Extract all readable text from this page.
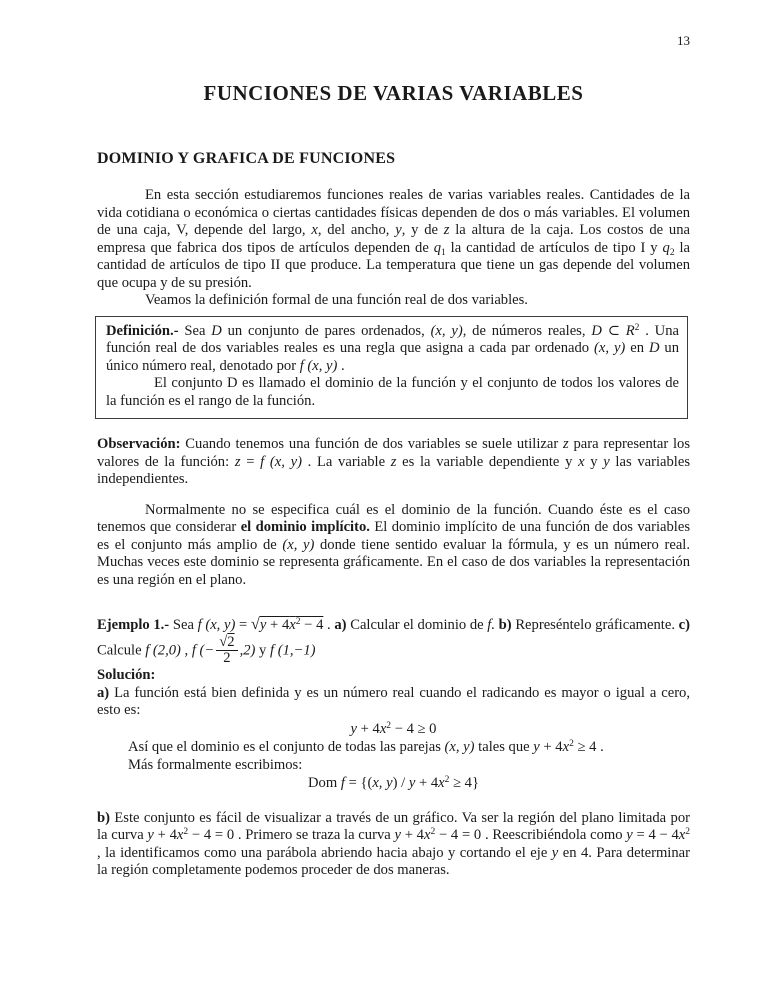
13
FUNCIONES DE VARIAS VARIABLES
DOMINIO Y GRAFICA DE FUNCIONES

En esta sección estudiaremos funciones reales de varias variables reales. Cantidades de la vida cotidiana o económica o ciertas cantidades físicas dependen de dos o más variables. El volumen de una caja, V, depende del largo, x, del ancho, y, y de z la altura de la caja. Los costos de una empresa que fabrica dos tipos de artículos dependen de $q_1$ la cantidad de artículos de tipo I y $q_2$ la cantidad de artículos de tipo II que produce. La temperatura que tiene un gas depende del volumen que ocupa y de su presión.

Veamos la definición formal de una función real de dos variables.

Definición.- Sea D un conjunto de pares ordenados, (x, y), de números reales, D ⊂ $R^2$ . Una función real de dos variables reales es una regla que asigna a cada par ordenado (x, y) en D un único número real, denotado por f (x, y) .

El conjunto D es llamado el dominio de la función y el conjunto de todos los valores de la función es el rango de la función.

Observación: Cuando tenemos una función de dos variables se suele utilizar z para representar los valores de la función: z = f (x, y) . La variable z es la variable dependiente y x y y las variables independientes.

Normalmente no se especifica cuál es el dominio de la función. Cuando éste es el caso tenemos que considerar el dominio implícito. El dominio implícito de una función de dos variables es el conjunto más amplio de (x, y) donde tiene sentido evaluar la fórmula, y es un número real. Muchas veces este dominio se representa gráficamente. En el caso de dos variables la representación es una región en el plano.

Ejemplo 1.- Sea f (x, $y) = √y + 4x^2 - 4$ . a) Calcular el dominio de f. b) Represéntelo gráficamente. c) Calcule f (2,0) , f (− $\frac{√2}{2} ,2$) y f (1,−1)

Solución:

a) La función está bien definida y es un número real cuando el radicando es mayor o igual a cero, esto es:

$y + 4x^2 - 4 \ge 0$

Así que el dominio es el conjunto de todas las parejas (x, y) tales que $y + 4x^2 \ge 4$ .

Más formalmente escribimos:

Dom f = {(x, $y) / y + 4x^2 \ge 4$}

b) Este conjunto es fácil de visualizar a través de un gráfico. Va ser la región del plano limitada por la curva $y + 4x^2 - 4 = 0$ . Primero se traza la curva $y + 4x^2 - 4 = 0$ . Reescribiéndola como $y = 4 - 4x^2$ , la identificamos como una parábola abriendo hacia abajo y cortando el eje y en 4. Para determinar la región completamente podemos proceder de dos maneras.
